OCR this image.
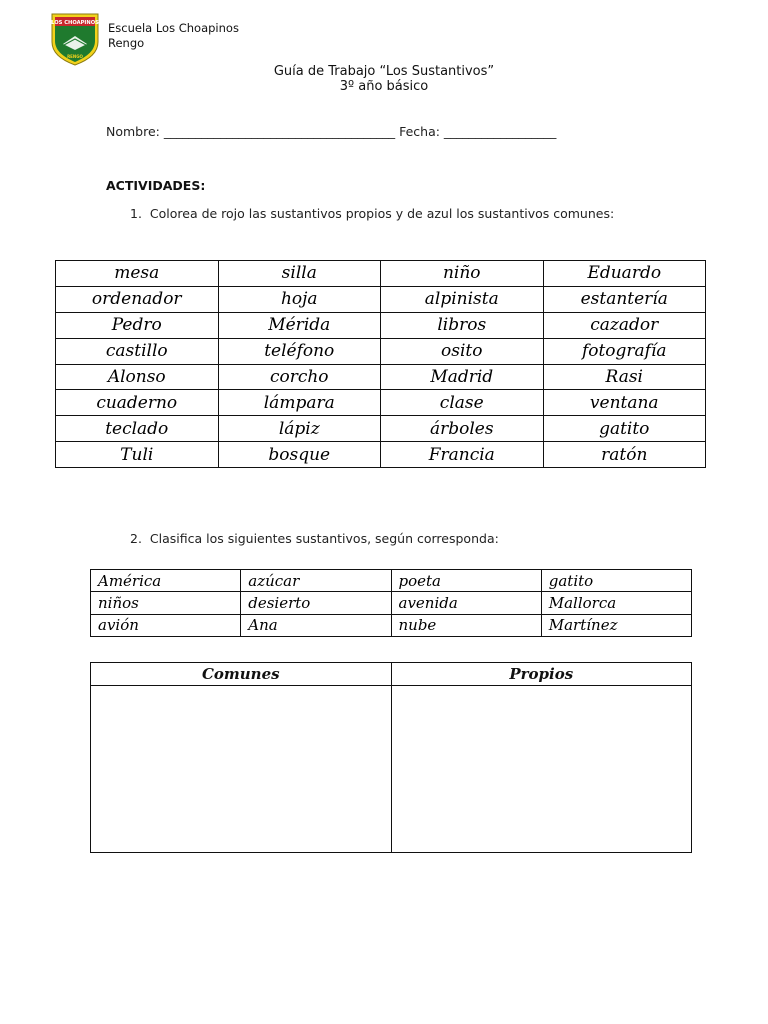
LOS CHOAPINOS
RENGO
Escuela Los Choapinos
Rengo
Guía de Trabajo “Los Sustantivos”
3º año básico
Nombre: _____________________________________ Fecha: __________________
ACTIVIDADES:
1. Colorea de rojo las sustantivos propios y de azul los sustantivos comunes:
mesa	silla	niño	Eduardo
ordenador	hoja	alpinista	estantería
Pedro	Mérida	libros	cazador
castillo	teléfono	osito	fotografía
Alonso	corcho	Madrid	Rasi
cuaderno	lámpara	clase	ventana
teclado	lápiz	árboles	gatito
Tuli	bosque	Francia	ratón
2. Clasifica los siguientes sustantivos, según corresponda:
América	azúcar	poeta	gatito
niños	desierto	avenida	Mallorca
avión	Ana	nube	Martínez
Comunes	Propios
